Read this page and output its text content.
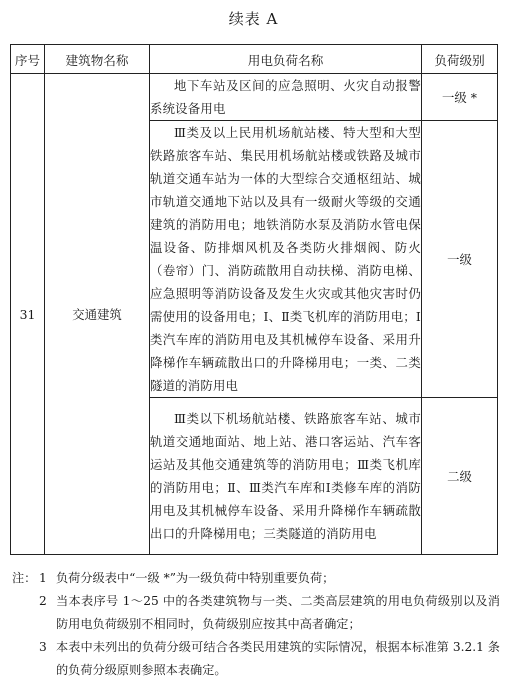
续表 A
序号	建筑物名称	用电负荷名称	负荷级别
31	交通建筑	地下车站及区间的应急照明、火灾自动报警系统设备用电	一级 *

		Ⅲ类及以上民用机场航站楼、特大型和大型铁路旅客车站、集民用机场航站楼或铁路及城市轨道交通车站为一体的大型综合交通枢纽站、城市轨道交通地下站以及具有一级耐火等级的交通建筑的消防用电；地铁消防水泵及消防水管电保温设备、防排烟风机及各类防火排烟阀、防火（卷帘）门、消防疏散用自动扶梯、消防电梯、应急照明等消防设备及发生火灾或其他灾害时仍需使用的设备用电；Ⅰ、Ⅱ类飞机库的消防用电；Ⅰ类汽车库的消防用电及其机械停车设备、采用升降梯作车辆疏散出口的升降梯用电；一类、二类隧道的消防用电	一级

		Ⅲ类以下机场航站楼、铁路旅客车站、城市轨道交通地面站、地上站、港口客运站、汽车客运站及其他交通建筑等的消防用电；Ⅲ类飞机库的消防用电；Ⅱ、Ⅲ类汽车库和Ⅰ类修车库的消防用电及其机械停车设备、采用升降梯作车辆疏散出口的升降梯用电；三类隧道的消防用电	二级
注： 1 负荷分级表中“一级 *”为一级负荷中特别重要负荷；
2 当本表序号 1～25 中的各类建筑物与一类、二类高层建筑的用电负荷级别以及消防用电负荷级别不相同时，负荷级别应按其中高者确定；
3 本表中未列出的负荷分级可结合各类民用建筑的实际情况，根据本标准第 3.2.1 条的负荷分级原则参照本表确定。
